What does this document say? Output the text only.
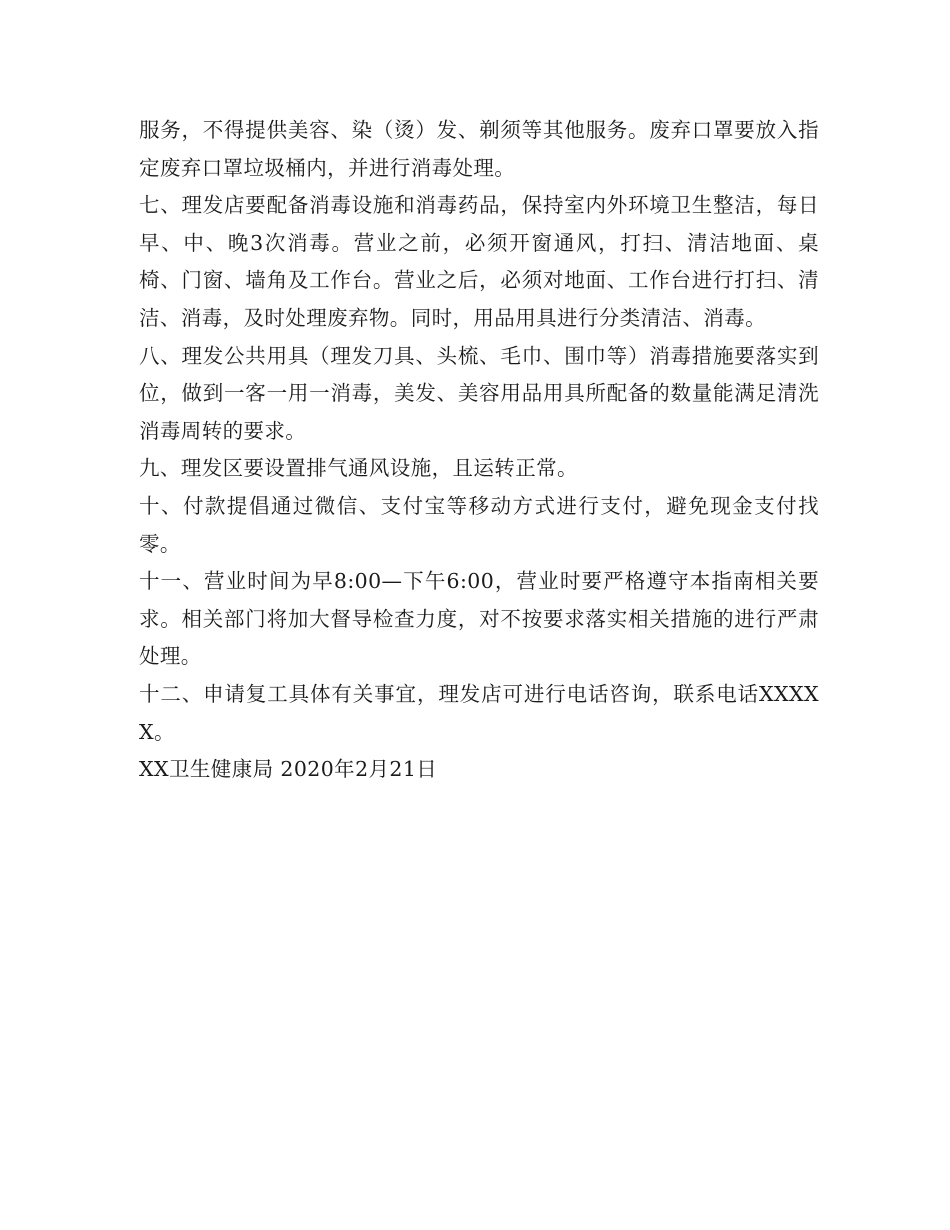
服务，不得提供美容、染（烫）发、剃须等其他服务。废弃口罩要放入指定废弃口罩垃圾桶内，并进行消毒处理。

七、理发店要配备消毒设施和消毒药品，保持室内外环境卫生整洁，每日早、中、晚3次消毒。营业之前，必须开窗通风，打扫、清洁地面、桌椅、门窗、墙角及工作台。营业之后，必须对地面、工作台进行打扫、清洁、消毒，及时处理废弃物。同时，用品用具进行分类清洁、消毒。

八、理发公共用具（理发刀具、头梳、毛巾、围巾等）消毒措施要落实到位，做到一客一用一消毒，美发、美容用品用具所配备的数量能满足清洗消毒周转的要求。

九、理发区要设置排气通风设施，且运转正常。

十、付款提倡通过微信、支付宝等移动方式进行支付，避免现金支付找零。

十一、营业时间为早8:00—下午6:00，营业时要严格遵守本指南相关要求。相关部门将加大督导检查力度，对不按要求落实相关措施的进行严肃处理。

十二、申请复工具体有关事宜，理发店可进行电话咨询，联系电话XXXXX。

XX卫生健康局 2020年2月21日
